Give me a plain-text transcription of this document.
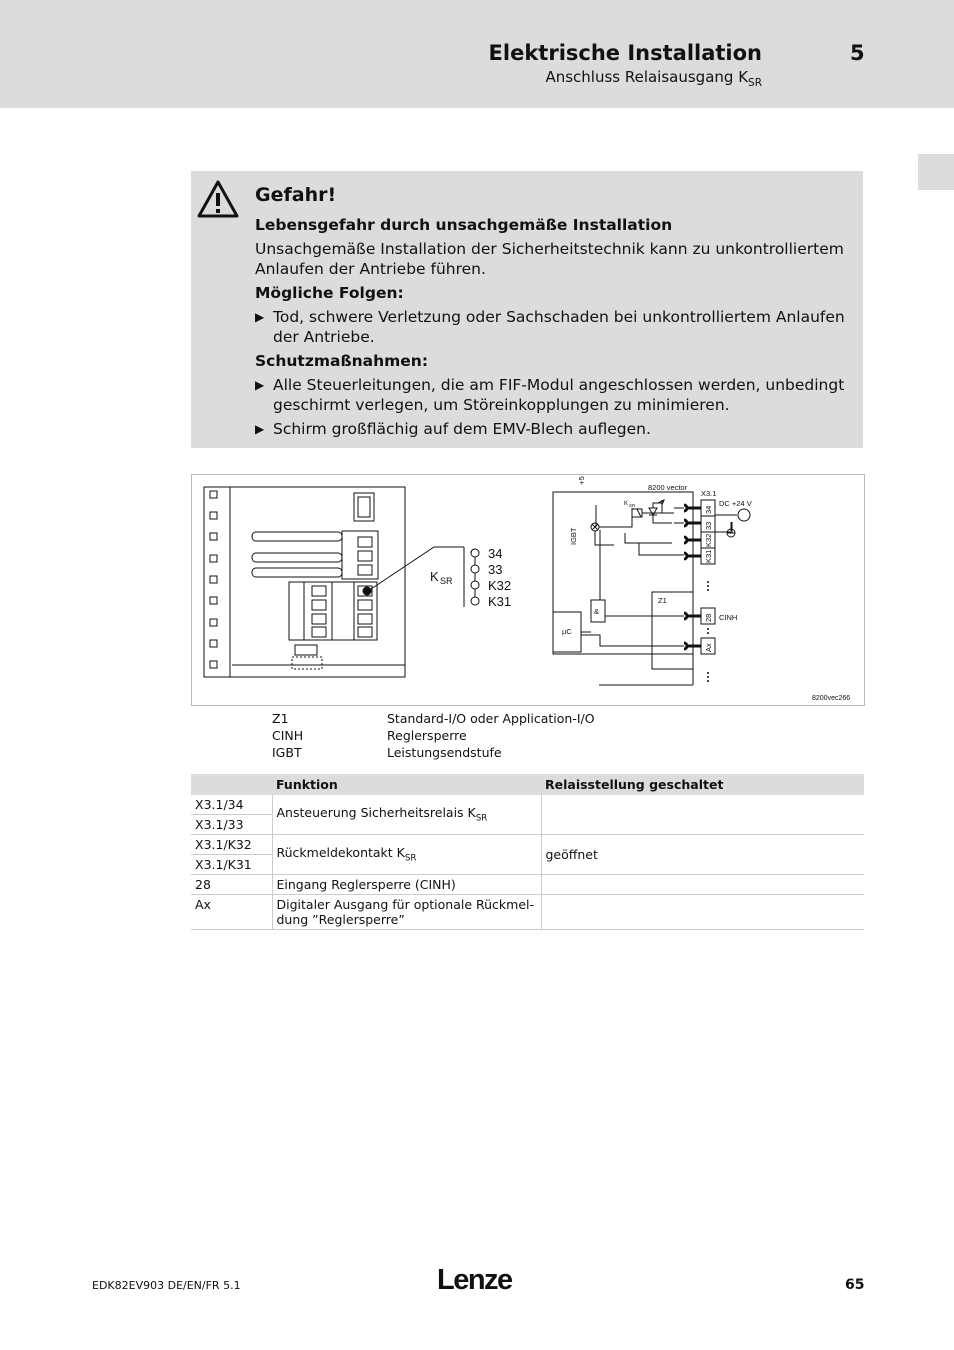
Elektrische Installation	5
Anschluss Relaisausgang $K_{SR}$
Gefahr!

Lebensgefahr durch unsachgemäße Installation

Unsachgemäße Installation der Sicherheitstechnik kann zu unkontrolliertem Anlaufen der Antriebe führen.

Mögliche Folgen:

▶ Tod, schwere Verletzung oder Sachschaden bei unkontrolliertem Anlaufen der Antriebe.

Schutzmaßnahmen:

▶ Alle Steuerleitungen, die am FIF-Modul angeschlossen werden, unbedingt geschirmt verlegen, um Störeinkopplungen zu minimieren.
▶ Schirm großflächig auf dem EMV-Blech auflegen.
34
33
K32
K31
K SR
8200 vector
X3.1
DC +24 V
K SR
Z1
CINH
&
µC
+5 V
IGBT
8200vec266
34
33
K32
K31
28
Ax
Z1	Standard-I/O oder Application-I/O
CINH	Reglersperre
IGBT	Leistungsendstufe
	Funktion	Relaisstellung geschaltet
X3.1/34	Ansteuerung Sicherheitsrelais $K_{SR}$	
X3.1/33		
X3.1/K32	Rückmeldekontakt $K_{SR}$	geöffnet
X3.1/K31		
28	Eingang Reglersperre (CINH)	
Ax	Digitaler Ausgang für optionale Rückmel-
dung ”Reglersperre”	
EDK82EV903 DE/EN/FR 5.1	Lenze	65
